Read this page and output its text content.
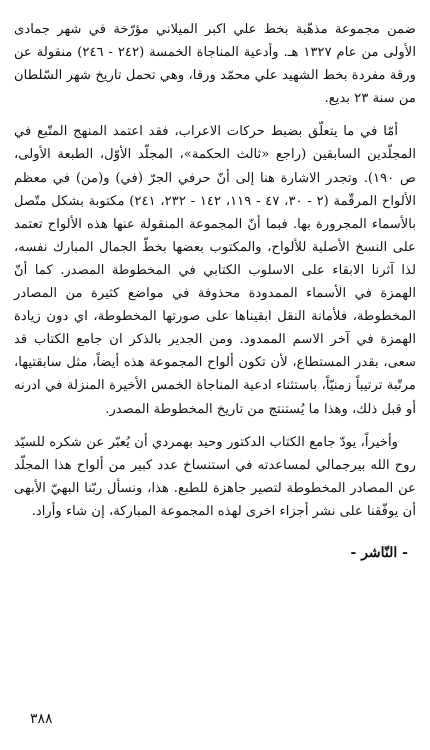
ضمن مجموعة مذهّبة بخط علي اكبر الميلاني مؤرّخة في شهر جمادى الأولى من عام ١٣٢٧ هـ. وأدعية المناجاة الخمسة (٢٤٢ - ٢٤٦) منقولة عن ورقة مفردة بخط الشهيد علي محمّد ورقا، وهي تحمل تاريخ شهر السّلطان من سنة ٢٣ بديع.

أمّا في ما يتعلّق بضبط حركات الاعراب، فقد اعتمد المنهج المتّبع في المجلّدين السابقين (راجع «ثالث الحكمة»، المجلّد الأوّل، الطبعة الأولى، ص ١٩٠). وتجدر الاشارة هنا إلى أنّ حرفي الجرّ (في) و(من) في معظم الألواح المرقّمة (٢ - ٣٠، ٤٧ - ١١٩، ١٤٢ - ٢٣٢، ٢٤١) مكتوبة بشكل متّصل بالأسماء المجرورة بها. فبما أنّ المجموعة المنقولة عنها هذه الألواح تعتمد على النسخ الأصلية للألواح، والمكتوب بعضها بخطّ الجمال المبارك نفسه، لذا آثرنا الابقاء على الاسلوب الكتابي في المخطوطة المصدر. كما أنّ الهمزة في الأسماء الممدودة محذوفة في مواضع كثيرة من المصادر المخطوطة، فلأمانة النقل ابقيناها على صورتها المخطوطة، اي دون زيادة الهمزة في آخر الاسم الممدود. ومن الجدير بالذكر ان جامع الكتاب قد سعى، بقدر المستطاع، لأن تكون ألواح المجموعة هذه أيضاً، مثل سابقتيها، مرتّبة ترتيباً زمنيّاً، باستثناء ادعية المناجاة الخمس الأخيرة المنزلة في ادرنه أو قبل ذلك، وهذا ما يُستنتج من تاريخ المخطوطة المصدر.

وأخيراً، يودّ جامع الكتاب الدكتور وحيد بهمردي أن يُعبّر عن شكره للسيّد روح الله بيرجمالي لمساعدته في استنساخ عدد كبير من ألواح هذا المجلّد عن المصادر المخطوطة لتصير جاهزة للطبع. هذا، ونسأل ربّنا البهيّ الأبهى أن يوفّقنا على نشر أجزاء اخرى لهذه المجموعة المباركة، إن شاء وأراد.

- النّاشر -
٣٨٨
